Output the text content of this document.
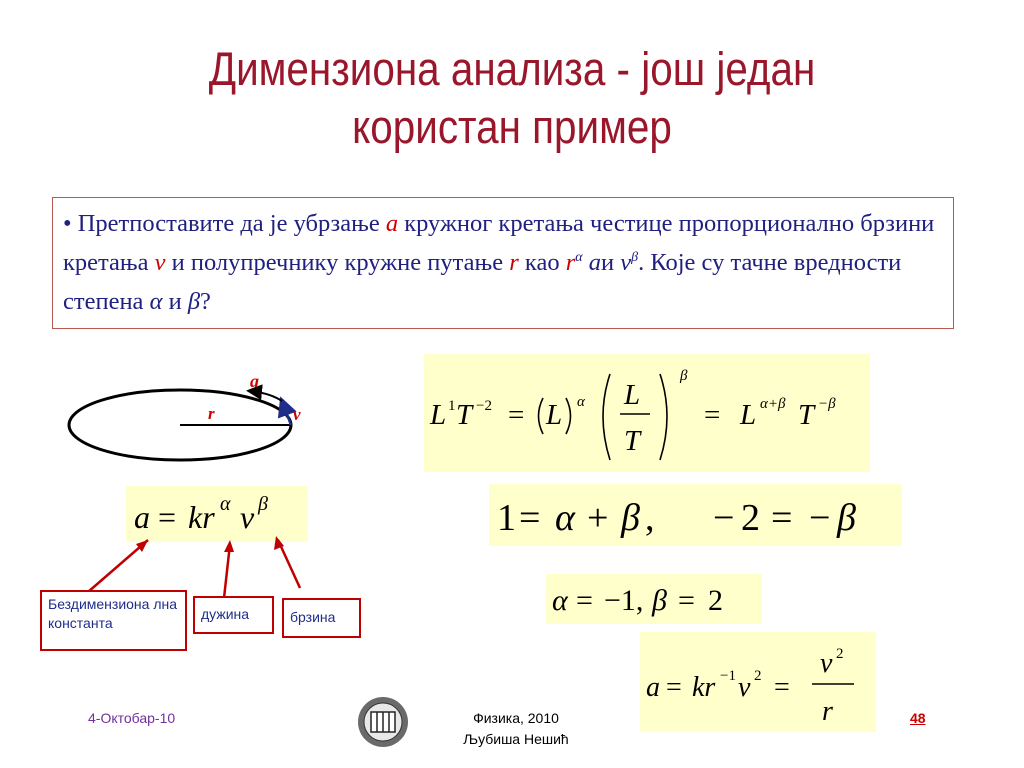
Димензиона анализа - још један
користан пример
• Претпоставите да је убрзање a кружног кретања честице пропорционално брзини кретања v и полупречнику кружне путање r као $r^\alpha$ aи $v^\beta$. Које су тачне вредности степена α и β?
a
r	v
a = kr α v β
Бездимензиона лна константа
дужина	брзина
L 1 T −2 = L α L
T
β
= L α+β T −β
1 = α + β , − 2 = − β
α = −1, β = 2
a = kr −1 v 2 =
v 2
r
4-Октобар-10	Физика, 2010
Љубиша Нешић
48
